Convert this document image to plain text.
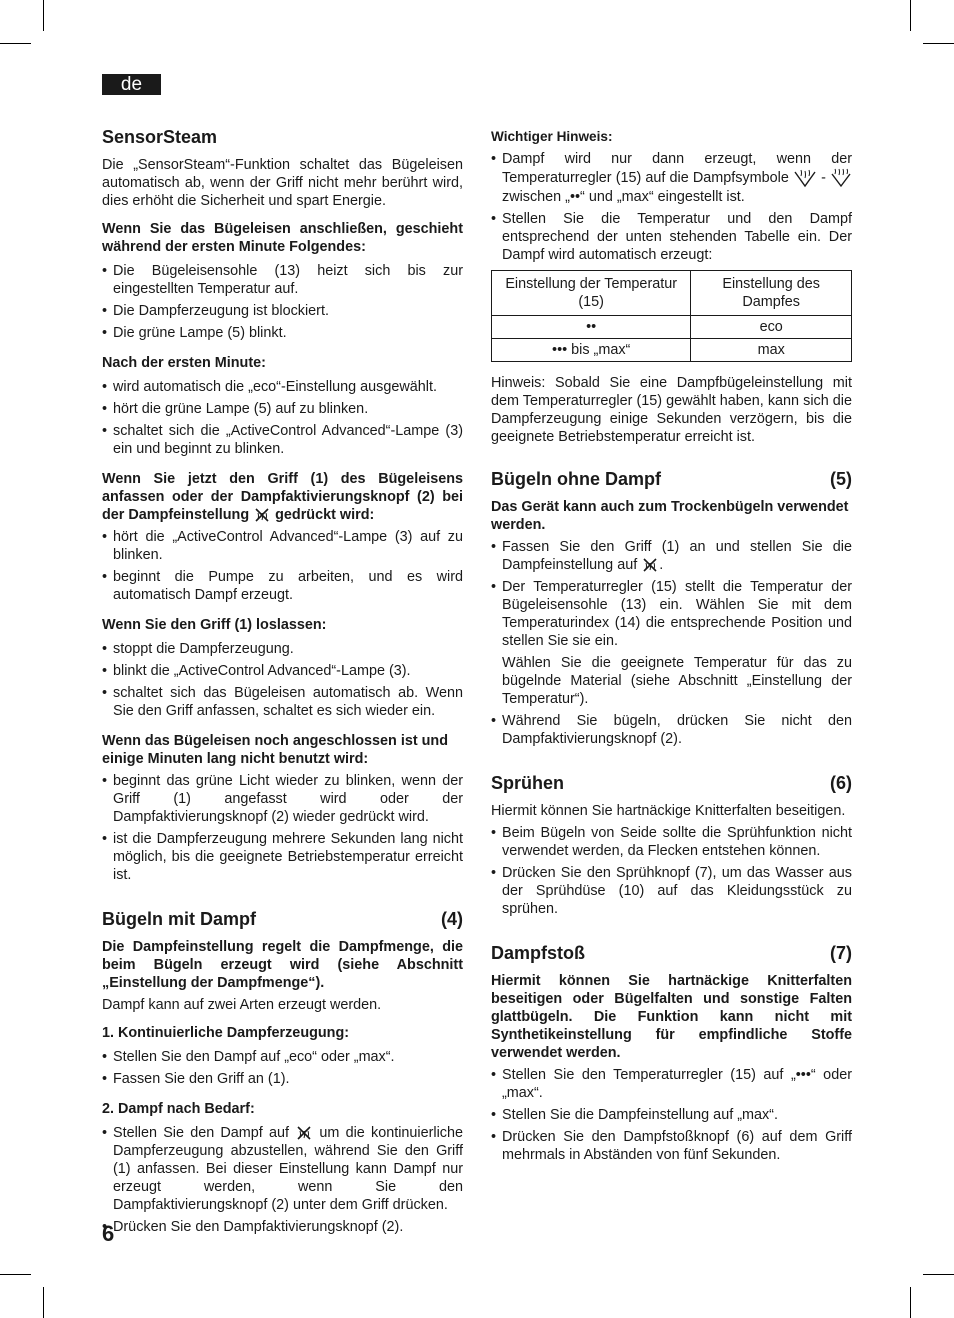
de
SensorSteam

Die „SensorSteam“-Funktion schaltet das Bügeleisen automatisch ab, wenn der Griff nicht mehr berührt wird, dies erhöht die Sicherheit und spart Energie.

Wenn Sie das Bügeleisen anschließen, geschieht während der ersten Minute Folgendes:

• Die Bügeleisensohle (13) heizt sich bis zur eingestellten Temperatur auf.
• Die Dampferzeugung ist blockiert.
• Die grüne Lampe (5) blinkt.
Nach der ersten Minute:
• wird automatisch die „eco“-Einstellung ausgewählt.
• hört die grüne Lampe (5) auf zu blinken.
• schaltet sich die „ActiveControl Advanced“-Lampe (3) ein und beginnt zu blinken.

Wenn Sie jetzt den Griff (1) des Bügeleisens anfassen oder der Dampfaktivierungsknopf (2) bei der Dampfeinstellung gedrückt wird:

• hört die „ActiveControl Advanced“-Lampe (3) auf zu blinken.
• beginnt die Pumpe zu arbeiten, und es wird automatisch Dampf erzeugt.
Wenn Sie den Griff (1) loslassen:
• stoppt die Dampferzeugung.
• blinkt die „ActiveControl Advanced“-Lampe (3).
• schaltet sich das Bügeleisen automatisch ab. Wenn Sie den Griff anfassen, schaltet es sich wieder ein.

Wenn das Bügeleisen noch angeschlossen ist und einige Minuten lang nicht benutzt wird:

• beginnt das grüne Licht wieder zu blinken, wenn der Griff (1) angefasst wird oder der Dampfaktivierungsknopf (2) wieder gedrückt wird.
• ist die Dampferzeugung mehrere Sekunden lang nicht möglich, bis die geeignete Betriebstemperatur erreicht ist.
Bügeln mit Dampf	(4)

Die Dampfeinstellung regelt die Dampfmenge, die beim Bügeln erzeugt wird (siehe Abschnitt „Einstellung der Dampfmenge“).

Dampf kann auf zwei Arten erzeugt werden.

1. Kontinuierliche Dampferzeugung:
• Stellen Sie den Dampf auf „eco“ oder „max“.
• Fassen Sie den Griff an (1).
2. Dampf nach Bedarf:
• Stellen Sie den Dampf auf um die kontinuierliche Dampferzeugung abzustellen, während Sie den Griff (1) anfassen. Bei dieser Einstellung kann Dampf nur erzeugt werden, wenn Sie den Dampfaktivierungsknopf (2) unter dem Griff drücken.
• Drücken Sie den Dampfaktivierungsknopf (2).
Wichtiger Hinweis:
• Dampf wird nur dann erzeugt, wenn der Temperaturregler (15) auf die Dampfsymbole -  zwischen „••“ und „max“ eingestellt ist.
• Stellen Sie die Temperatur und den Dampf entsprechend der unten stehenden Tabelle ein. Der Dampf wird automatisch erzeugt:
Einstellung der Temperatur (15)	Einstellung des Dampfes
••	eco
••• bis „max“	max

Hinweis: Sobald Sie eine Dampfbügeleinstellung mit dem Temperaturregler (15) gewählt haben, kann sich die Dampferzeugung einige Sekunden verzögern, bis die geeignete Betriebstemperatur erreicht ist.

Bügeln ohne Dampf	(5)

Das Gerät kann auch zum Trockenbügeln verwendet werden.

• Fassen Sie den Griff (1) an und stellen Sie die Dampfeinstellung auf .
• Der Temperaturregler (15) stellt die Temperatur der Bügeleisensohle (13) ein. Wählen Sie mit dem Temperaturindex (14) die entsprechende Position und stellen Sie sie ein.
Wählen Sie die geeignete Temperatur für das zu bügelnde Material (siehe Abschnitt „Einstellung der Temperatur“).
• Während Sie bügeln, drücken Sie nicht den Dampfaktivierungsknopf (2).
Sprühen	(6)

Hiermit können Sie hartnäckige Knitterfalten beseitigen.

• Beim Bügeln von Seide sollte die Sprühfunktion nicht verwendet werden, da Flecken entstehen können.
• Drücken Sie den Sprühknopf (7), um das Wasser aus der Sprühdüse (10) auf das Kleidungsstück zu sprühen.
Dampfstoß	(7)

Hiermit können Sie hartnäckige Knitterfalten beseitigen oder Bügelfalten und sonstige Falten glattbügeln. Die Funktion kann nicht mit Synthetikeinstellung für empfindliche Stoffe verwendet werden.

• Stellen Sie den Temperaturregler (15) auf „•••“ oder „max“.
• Stellen Sie die Dampfeinstellung auf „max“.
• Drücken Sie den Dampfstoßknopf (6) auf dem Griff mehrmals in Abständen von fünf Sekunden.
6
